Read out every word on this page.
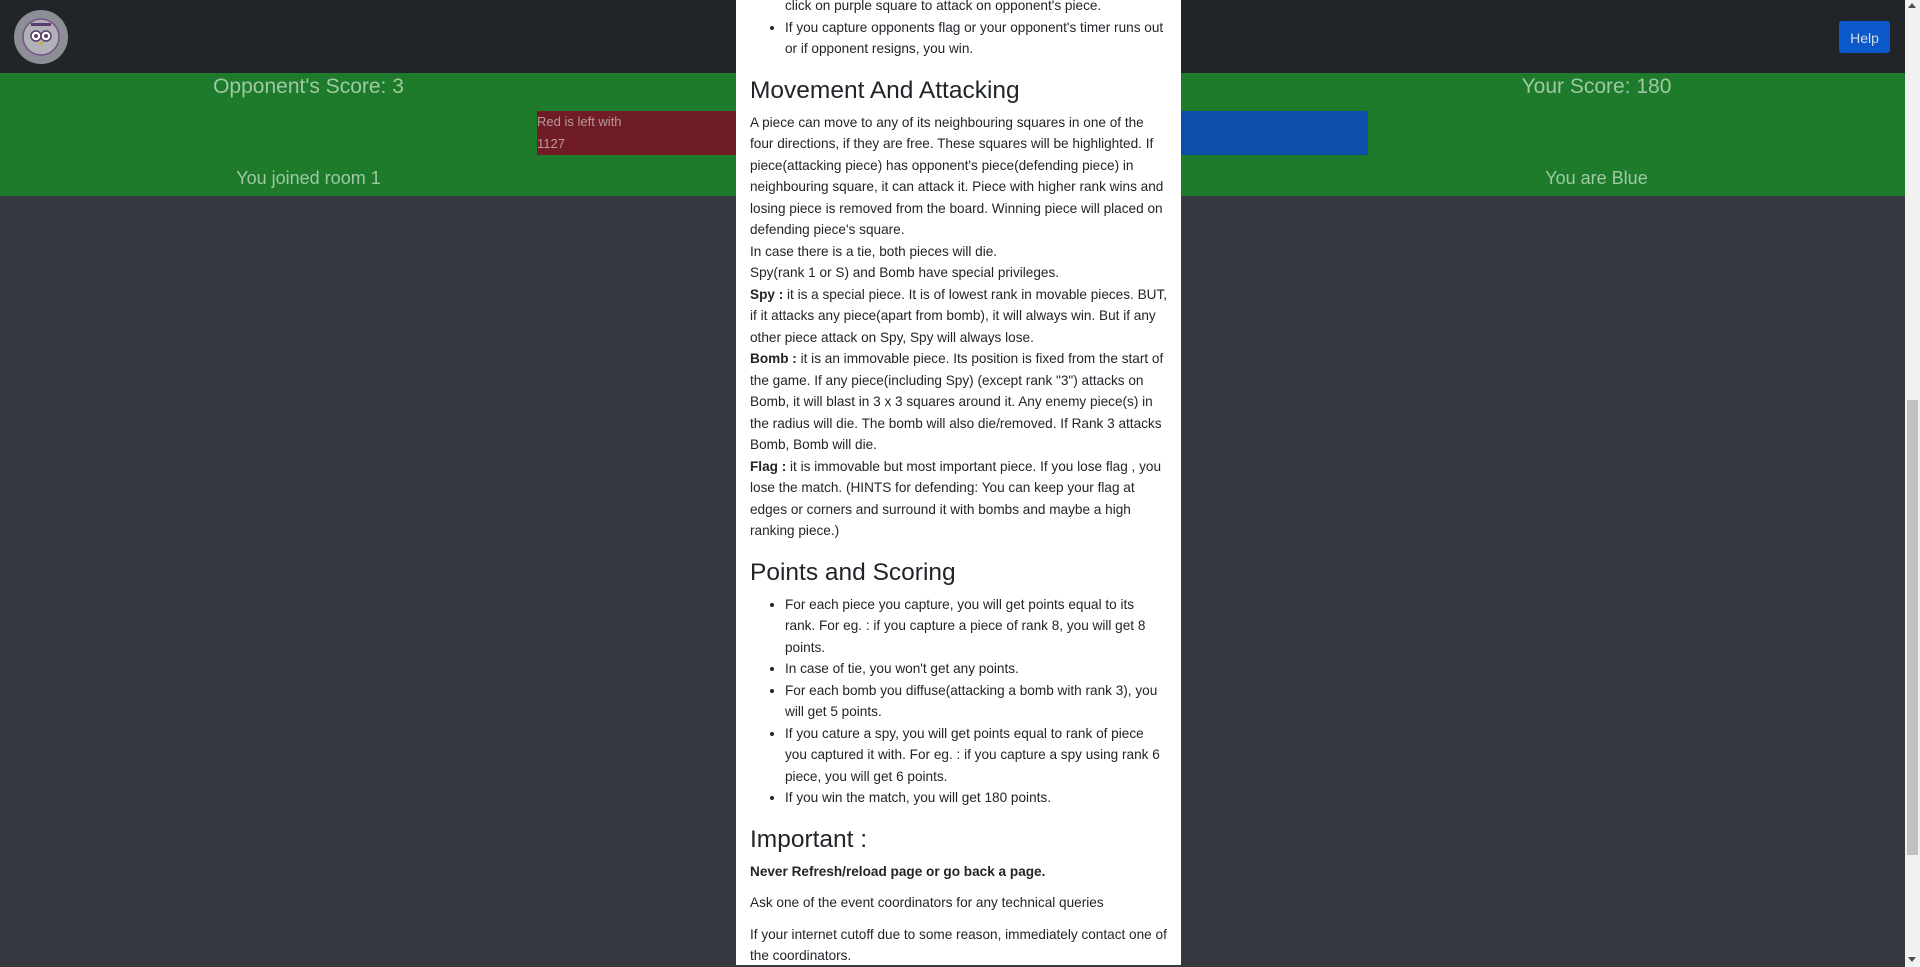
Help
Opponent's Score: 3	Your Score: 180
Red is left with
1127
You joined room 1	You are Blue
click on purple square to attack on opponent's piece.
• If you capture opponents flag or your opponent's timer runs out or if opponent resigns, you win.
Movement And Attacking

A piece can move to any of its neighbouring squares in one of the four directions, if they are free. These squares will be highlighted. If piece(attacking piece) has opponent's piece(defending piece) in neighbouring square, it can attack it. Piece with higher rank wins and losing piece is removed from the board. Winning piece will placed on defending piece's square.

In case there is a tie, both pieces will die.

Spy(rank 1 or S) and Bomb have special privileges.

Spy : it is a special piece. It is of lowest rank in movable pieces. BUT, if it attacks any piece(apart from bomb), it will always win. But if any other piece attack on Spy, Spy will always lose.

Bomb : it is an immovable piece. Its position is fixed from the start of the game. If any piece(including Spy) (except rank "3") attacks on Bomb, it will blast in 3 x 3 squares around it. Any enemy piece(s) in the radius will die. The bomb will also die/removed. If Rank 3 attacks Bomb, Bomb will die.

Flag : it is immovable but most important piece. If you lose flag , you lose the match. (HINTS for defending: You can keep your flag at edges or corners and surround it with bombs and maybe a high ranking piece.)

Points and Scoring
• For each piece you capture, you will get points equal to its rank. For eg. : if you capture a piece of rank 8, you will get 8 points.
• In case of tie, you won't get any points.
• For each bomb you diffuse(attacking a bomb with rank 3), you will get 5 points.
• If you cature a spy, you will get points equal to rank of piece you captured it with. For eg. : if you capture a spy using rank 6 piece, you will get 6 points.
• If you win the match, you will get 180 points.
Important :

Never Refresh/reload page or go back a page.

Ask one of the event coordinators for any technical queries

If your internet cutoff due to some reason, immediately contact one of the coordinators.
